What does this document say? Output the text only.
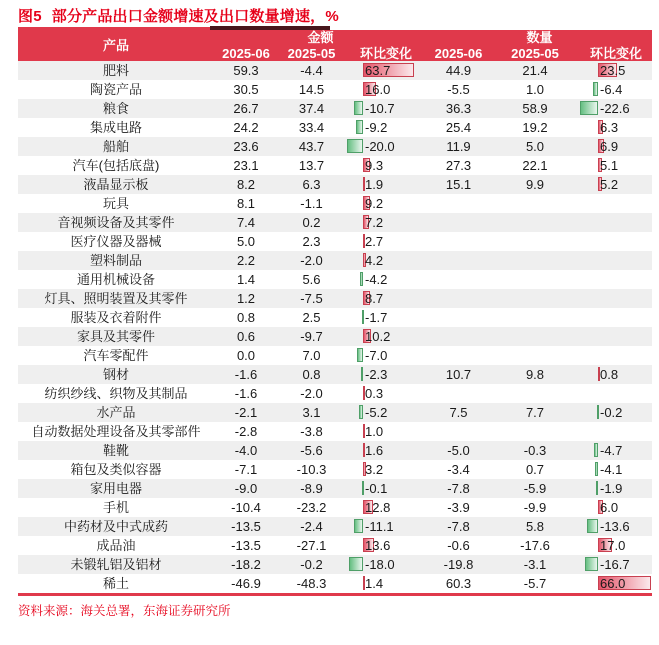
图5 部分产品出口金额增速及出口数量增速，%
产品
金额	数量
2025-06	2025-05	环比变化	2025-06	2025-05	环比变化
肥料	59.3	-4.4	63.7	44.9	21.4	23.5
陶瓷产品	30.5	14.5	16.0	-5.5	1.0	-6.4
粮食	26.7	37.4	-10.7	36.3	58.9	-22.6
集成电路	24.2	33.4	-9.2	25.4	19.2	6.3
船舶	23.6	43.7	-20.0	11.9	5.0	6.9
汽车(包括底盘)	23.1	13.7	9.3	27.3	22.1	5.1
液晶显示板	8.2	6.3	1.9	15.1	9.9	5.2
玩具	8.1	-1.1	9.2
音视频设备及其零件	7.4	0.2	7.2
医疗仪器及器械	5.0	2.3	2.7
塑料制品	2.2	-2.0	4.2
通用机械设备	1.4	5.6	-4.2
灯具、照明装置及其零件	1.2	-7.5	8.7
服装及衣着附件	0.8	2.5	-1.7
家具及其零件	0.6	-9.7	10.2
汽车零配件	0.0	7.0	-7.0
钢材	-1.6	0.8	-2.3	10.7	9.8	0.8
纺织纱线、织物及其制品	-1.6	-2.0	0.3
水产品	-2.1	3.1	-5.2	7.5	7.7	-0.2
自动数据处理设备及其零部件	-2.8	-3.8	1.0
鞋靴	-4.0	-5.6	1.6	-5.0	-0.3	-4.7
箱包及类似容器	-7.1	-10.3	3.2	-3.4	0.7	-4.1
家用电器	-9.0	-8.9	-0.1	-7.8	-5.9	-1.9
手机	-10.4	-23.2	12.8	-3.9	-9.9	6.0
中药材及中式成药	-13.5	-2.4	-11.1	-7.8	5.8	-13.6
成品油	-13.5	-27.1	13.6	-0.6	-17.6	17.0
未锻轧铝及铝材	-18.2	-0.2	-18.0	-19.8	-3.1	-16.7
稀土	-46.9	-48.3	1.4	60.3	-5.7	66.0
资料来源：海关总署，东海证券研究所
